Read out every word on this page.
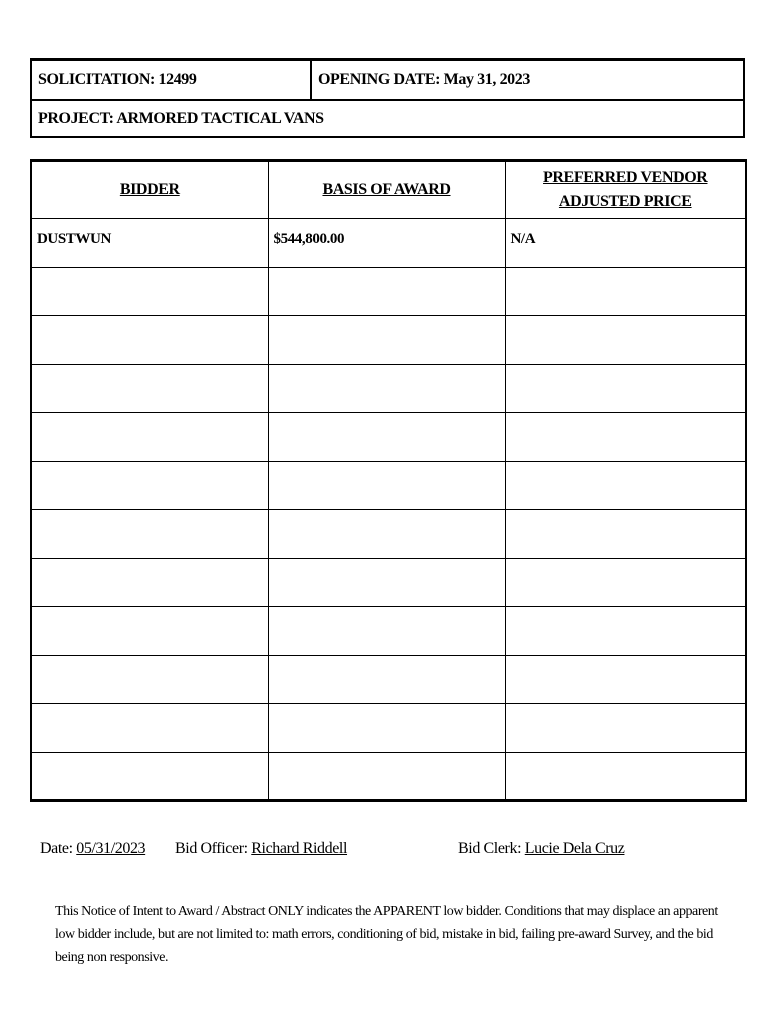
SOLICITATION: 12499	OPENING DATE: May 31, 2023
PROJECT: ARMORED TACTICAL VANS
BIDDER	BASIS OF AWARD	PREFERRED VENDOR ADJUSTED PRICE
DUSTWUN	$544,800.00	N/A

Date: 05/31/2023 Bid Officer: Richard Riddell	Bid Clerk: Lucie Dela Cruz
This Notice of Intent to Award / Abstract ONLY indicates the APPARENT low bidder. Conditions that may displace an apparent low bidder include, but are not limited to: math errors, conditioning of bid, mistake in bid, failing pre-award Survey, and the bid being non responsive.
